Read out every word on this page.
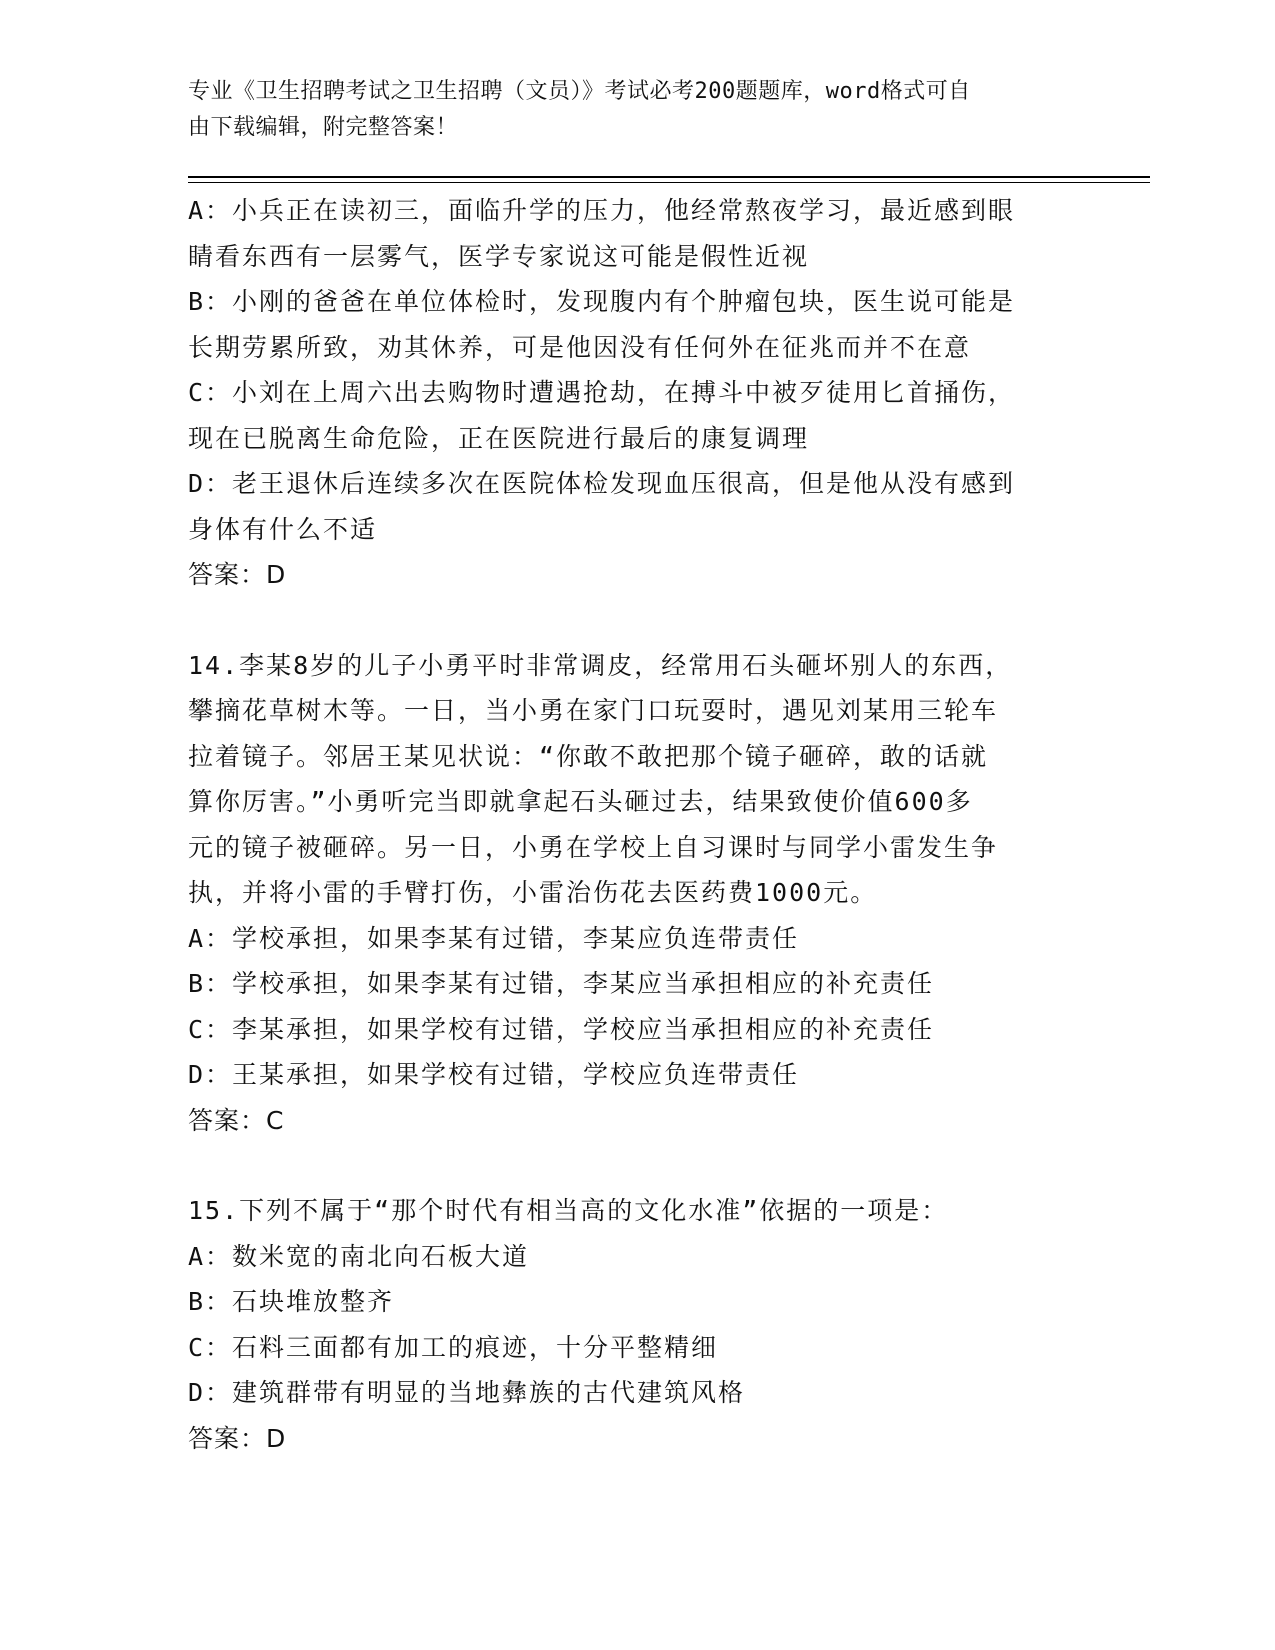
专业《卫生招聘考试之卫生招聘（文员）》考试必考200题题库，word格式可自
由下载编辑，附完整答案！
A：小兵正在读初三，面临升学的压力，他经常熬夜学习，最近感到眼
睛看东西有一层雾气，医学专家说这可能是假性近视
B：小刚的爸爸在单位体检时，发现腹内有个肿瘤包块，医生说可能是
长期劳累所致，劝其休养，可是他因没有任何外在征兆而并不在意
C：小刘在上周六出去购物时遭遇抢劫，在搏斗中被歹徒用匕首捅伤，
现在已脱离生命危险，正在医院进行最后的康复调理
D：老王退休后连续多次在医院体检发现血压很高，但是他从没有感到
身体有什么不适
答案：D
14.李某8岁的儿子小勇平时非常调皮，经常用石头砸坏别人的东西，
攀摘花草树木等。一日，当小勇在家门口玩耍时，遇见刘某用三轮车
拉着镜子。邻居王某见状说：“你敢不敢把那个镜子砸碎，敢的话就
算你厉害。”小勇听完当即就拿起石头砸过去，结果致使价值600多
元的镜子被砸碎。另一日，小勇在学校上自习课时与同学小雷发生争
执，并将小雷的手臂打伤，小雷治伤花去医药费1000元。
A：学校承担，如果李某有过错，李某应负连带责任
B：学校承担，如果李某有过错，李某应当承担相应的补充责任
C：李某承担，如果学校有过错，学校应当承担相应的补充责任
D：王某承担，如果学校有过错，学校应负连带责任
答案：C
15.下列不属于“那个时代有相当高的文化水准”依据的一项是：
A：数米宽的南北向石板大道
B：石块堆放整齐
C：石料三面都有加工的痕迹，十分平整精细
D：建筑群带有明显的当地彝族的古代建筑风格
答案：D
